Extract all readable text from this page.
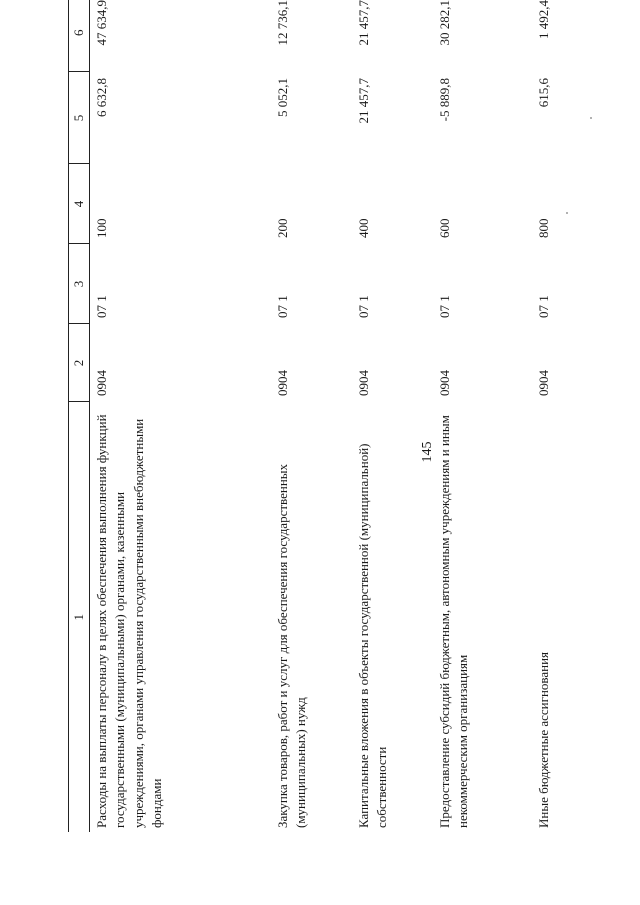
145
1	2	3	4	5	6
Расходы на выплаты персоналу в целях обеспечения выполнения функций государственными (муниципальными) органами, казенными учреждениями, органами управления государственными внебюджетными фондами	0904	07 1	100	6 632,8	47 634,9
Закупка товаров, работ и услуг для обеспечения государственных (муниципальных) нужд	0904	07 1	200	5 052,1	12 736,1
Капитальные вложения в объекты государственной (муниципальной) собственности	0904	07 1	400	21 457,7	21 457,7
Предоставление субсидий бюджетным, автономным учреждениям и иным некоммерческим организациям	0904	07 1	600	-5 889,8	30 282,1
Иные бюджетные ассигнования	0904	07 1	800	615,6	1 492,4
